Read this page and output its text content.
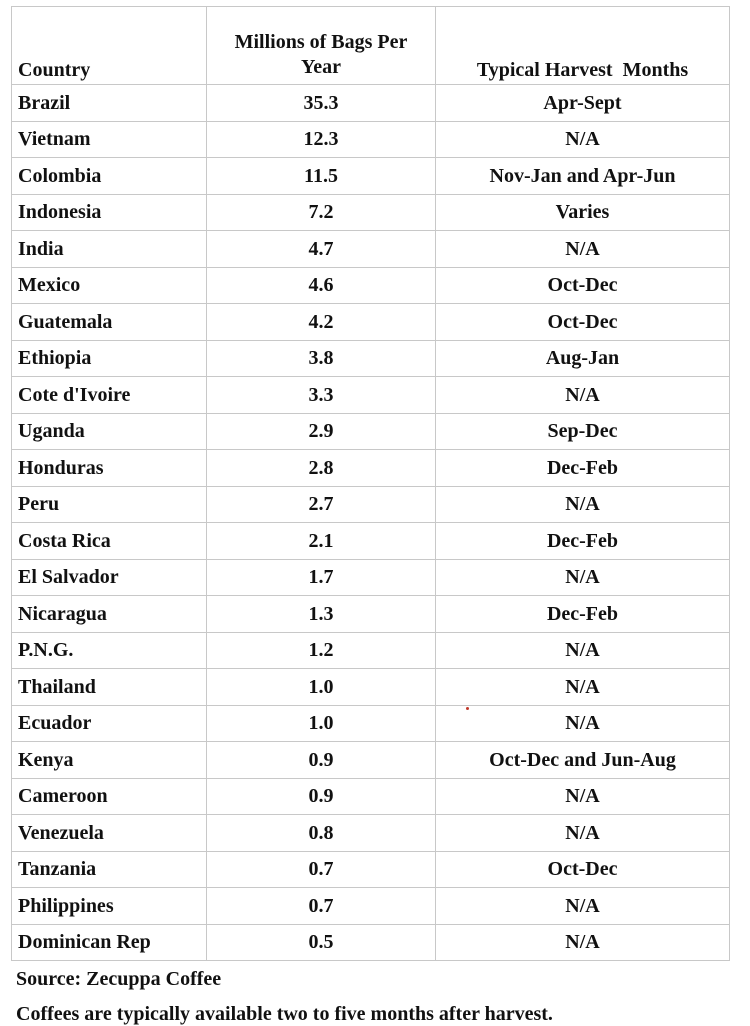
Country	Millions of Bags Per Year	Typical Harvest  Months
Brazil	35.3	Apr-Sept
Vietnam	12.3	N/A
Colombia	11.5	Nov-Jan and Apr-Jun
Indonesia	7.2	Varies
India	4.7	N/A
Mexico	4.6	Oct-Dec
Guatemala	4.2	Oct-Dec
Ethiopia	3.8	Aug-Jan
Cote d'Ivoire	3.3	N/A
Uganda	2.9	Sep-Dec
Honduras	2.8	Dec-Feb
Peru	2.7	N/A
Costa Rica	2.1	Dec-Feb
El Salvador	1.7	N/A
Nicaragua	1.3	Dec-Feb
P.N.G.	1.2	N/A
Thailand	1.0	N/A
Ecuador	1.0	N/A
Kenya	0.9	Oct-Dec and Jun-Aug
Cameroon	0.9	N/A
Venezuela	0.8	N/A
Tanzania	0.7	Oct-Dec
Philippines	0.7	N/A
Dominican Rep	0.5	N/A
Source: Zecuppa Coffee
Coffees are typically available two to five months after harvest.
